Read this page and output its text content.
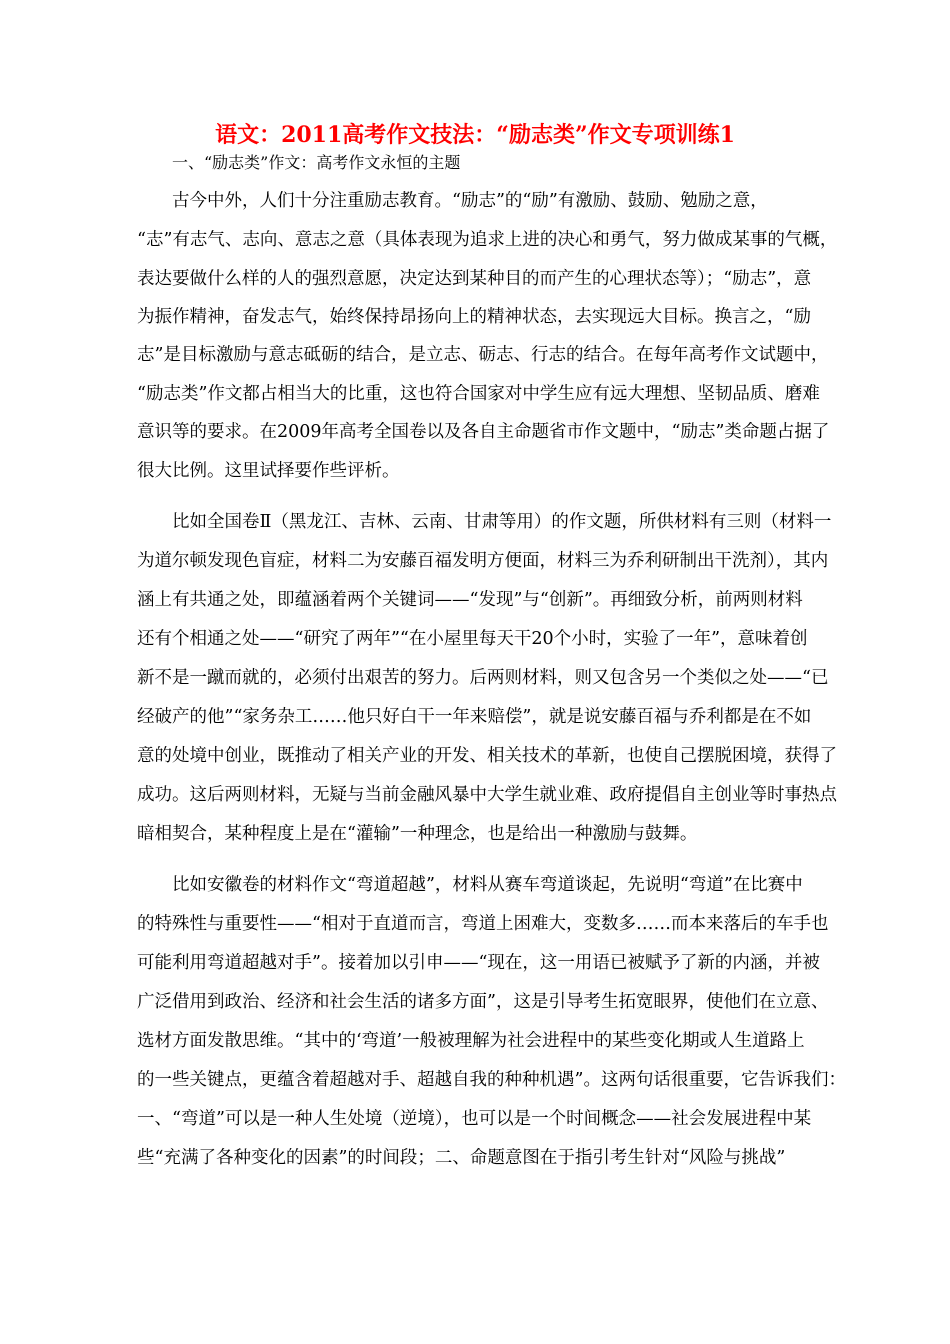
语文：2011高考作文技法：“励志类”作文专项训练1
一、“励志类”作文：高考作文永恒的主题
古今中外，人们十分注重励志教育。“励志”的“励”有激励、鼓励、勉励之意，
“志”有志气、志向、意志之意（具体表现为追求上进的决心和勇气，努力做成某事的气概，
表达要做什么样的人的强烈意愿，决定达到某种目的而产生的心理状态等）；“励志”，意
为振作精神，奋发志气，始终保持昂扬向上的精神状态，去实现远大目标。换言之，“励
志”是目标激励与意志砥砺的结合，是立志、砺志、行志的结合。在每年高考作文试题中，
“励志类”作文都占相当大的比重，这也符合国家对中学生应有远大理想、坚韧品质、磨难
意识等的要求。在2009年高考全国卷以及各自主命题省市作文题中，“励志”类命题占据了
很大比例。这里试择要作些评析。
比如全国卷Ⅱ（黑龙江、吉林、云南、甘肃等用）的作文题，所供材料有三则（材料一
为道尔顿发现色盲症，材料二为安藤百福发明方便面，材料三为乔利研制出干洗剂），其内
涵上有共通之处，即蕴涵着两个关键词——“发现”与“创新”。再细致分析，前两则材料
还有个相通之处——“研究了两年”“在小屋里每天干20个小时，实验了一年”，意味着创
新不是一蹴而就的，必须付出艰苦的努力。后两则材料，则又包含另一个类似之处——“已
经破产的他”“家务杂工……他只好白干一年来赔偿”，就是说安藤百福与乔利都是在不如
意的处境中创业，既推动了相关产业的开发、相关技术的革新，也使自己摆脱困境，获得了
成功。这后两则材料，无疑与当前金融风暴中大学生就业难、政府提倡自主创业等时事热点
暗相契合，某种程度上是在“灌输”一种理念，也是给出一种激励与鼓舞。
比如安徽卷的材料作文“弯道超越”，材料从赛车弯道谈起，先说明“弯道”在比赛中
的特殊性与重要性——“相对于直道而言，弯道上困难大，变数多……而本来落后的车手也
可能利用弯道超越对手”。接着加以引申——“现在，这一用语已被赋予了新的内涵，并被
广泛借用到政治、经济和社会生活的诸多方面”，这是引导考生拓宽眼界，使他们在立意、
选材方面发散思维。“其中的‘弯道’一般被理解为社会进程中的某些变化期或人生道路上
的一些关键点，更蕴含着超越对手、超越自我的种种机遇”。这两句话很重要，它告诉我们：
一、“弯道”可以是一种人生处境（逆境），也可以是一个时间概念——社会发展进程中某
些“充满了各种变化的因素”的时间段；二、命题意图在于指引考生针对“风险与挑战”
